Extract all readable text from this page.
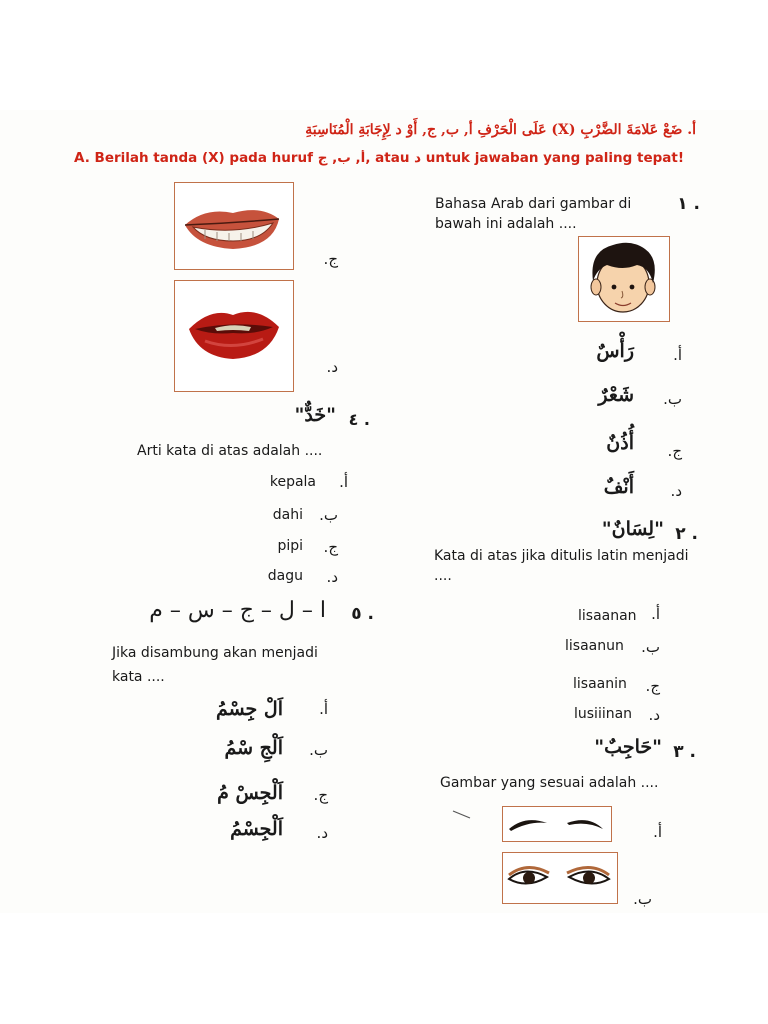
أ. ضَعْ عَلامَةَ الضَّرْبِ (X) عَلَى الْحَرْفِ أ, ب, ج, أَوْ د لِإِجَابَةِ الْمُنَاسِبَةِ
A. Berilah tanda (X) pada huruf أ, ب, ج, atau د untuk jawaban yang paling tepat!
ج.
د.
. ٤
"خَدٌّ"
Arti kata di atas adalah ....
أ.
kepala
ب.
dahi
ج.
pipi
د.
dagu
. ٥
ا – ل – ج – س – م
Jika disambung akan menjadi
kata ....
أ.
اَلْ جِسْمُ
ب.
اَلْجِ سْمُ
ج.
اَلْجِسْ مُ
د.
اَلْجِسْمُ
. ١
Bahasa Arab dari gambar di
bawah ini adalah ....
أ.
رَأْسٌ
ب.
شَعْرٌ
ج.
أُذُنٌ
د.
أَنْفٌ
. ٢
"لِسَانٌ"
Kata di atas jika ditulis latin menjadi
....
أ.
lisaanan
ب.
lisaanun
ج.
lisaanin
د.
lusiiinan
. ٣
"حَاجِبٌ"
Gambar yang sesuai adalah ....
أ.
ب.
